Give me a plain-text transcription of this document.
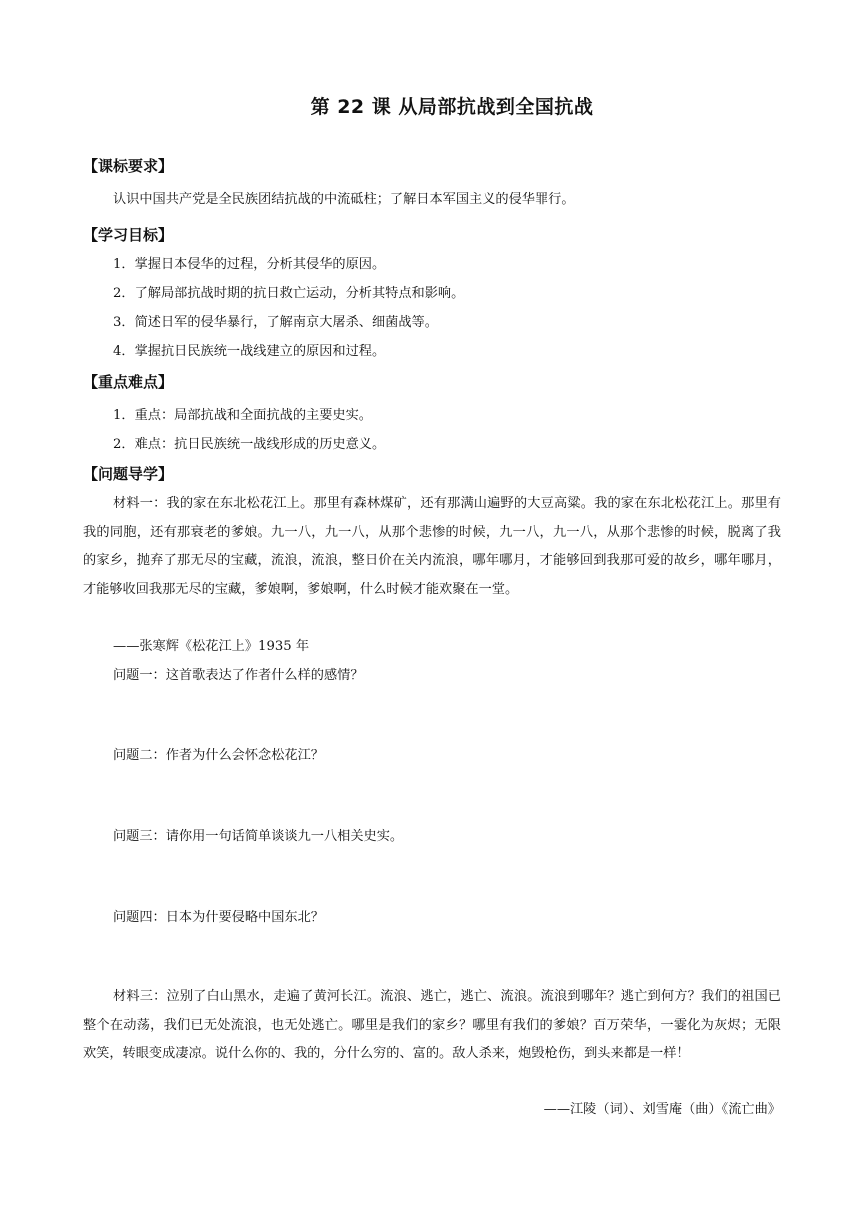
第 22 课 从局部抗战到全国抗战
【课标要求】
认识中国共产党是全民族团结抗战的中流砥柱；了解日本军国主义的侵华罪行。
【学习目标】
1．掌握日本侵华的过程，分析其侵华的原因。
2．了解局部抗战时期的抗日救亡运动，分析其特点和影响。
3．简述日军的侵华暴行，了解南京大屠杀、细菌战等。
4．掌握抗日民族统一战线建立的原因和过程。
【重点难点】
1．重点：局部抗战和全面抗战的主要史实。
2．难点：抗日民族统一战线形成的历史意义。
【问题导学】
材料一：我的家在东北松花江上。那里有森林煤矿，还有那满山遍野的大豆高粱。我的家在东北松花江上。那里有我的同胞，还有那衰老的爹娘。九一八，九一八，从那个悲惨的时候，九一八，九一八，从那个悲惨的时候，脱离了我的家乡，抛弃了那无尽的宝藏，流浪，流浪，整日价在关内流浪，哪年哪月，才能够回到我那可爱的故乡，哪年哪月，才能够收回我那无尽的宝藏，爹娘啊，爹娘啊，什么时候才能欢聚在一堂。
——张寒辉《松花江上》1935 年
问题一：这首歌表达了作者什么样的感情？
问题二：作者为什么会怀念松花江？
问题三：请你用一句话简单谈谈九一八相关史实。
问题四：日本为什要侵略中国东北？
材料三：泣别了白山黑水，走遍了黄河长江。流浪、逃亡，逃亡、流浪。流浪到哪年？逃亡到何方？我们的祖国已整个在动荡，我们已无处流浪，也无处逃亡。哪里是我们的家乡？哪里有我们的爹娘？百万荣华，一霎化为灰烬；无限欢笑，转眼变成凄凉。说什么你的、我的，分什么穷的、富的。敌人杀来，炮毁枪伤，到头来都是一样！
——江陵（词）、刘雪庵（曲）《流亡曲》
